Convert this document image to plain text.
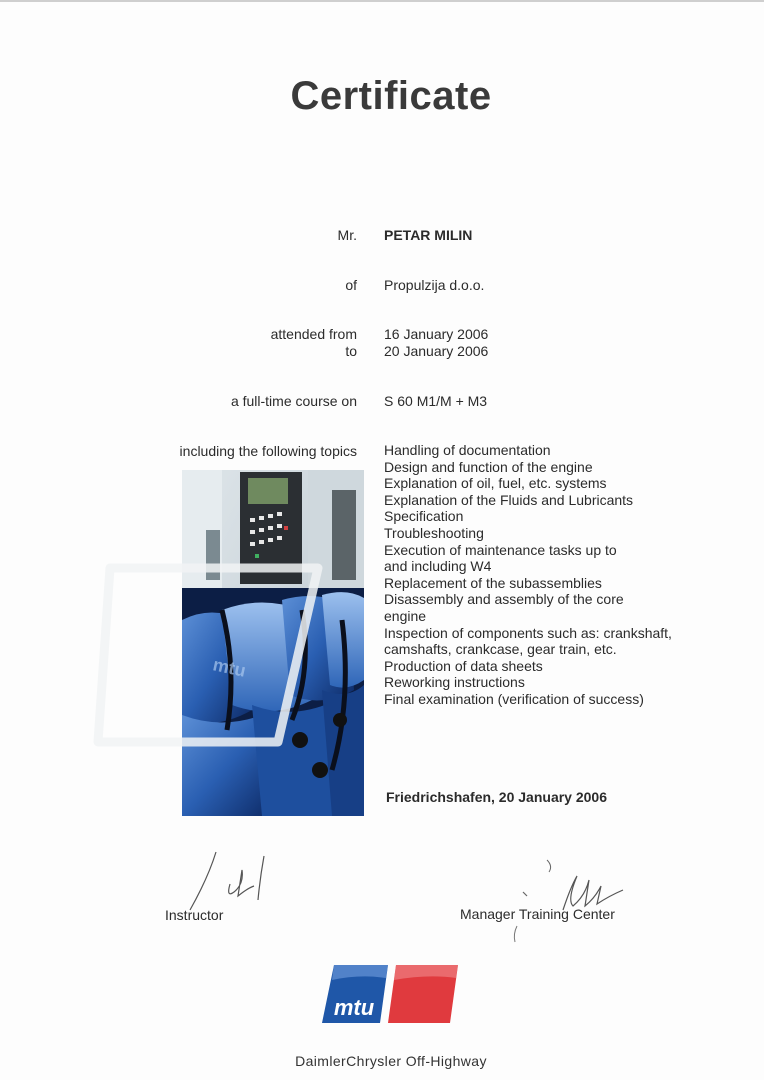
Certificate
Mr. PETAR MILIN
of Propulzija d.o.o.
attended from 16 January 2006
to 20 January 2006
a full-time course on S 60 M1/M + M3
including the following topics Handling of documentation
Design and function of the engine
Explanation of oil, fuel, etc. systems
Explanation of the Fluids and Lubricants
Specification
Troubleshooting
Execution of maintenance tasks up to
and including W4
Replacement of the subassemblies
Disassembly and assembly of the core
engine
Inspection of components such as: crankshaft,
camshafts, crankcase, gear train, etc.
Production of data sheets
Reworking instructions
Final examination (verification of success)
mtu
Friedrichshafen, 20 January 2006
Instructor	Manager Training Center
mtu
DaimlerChrysler Off-Highway
